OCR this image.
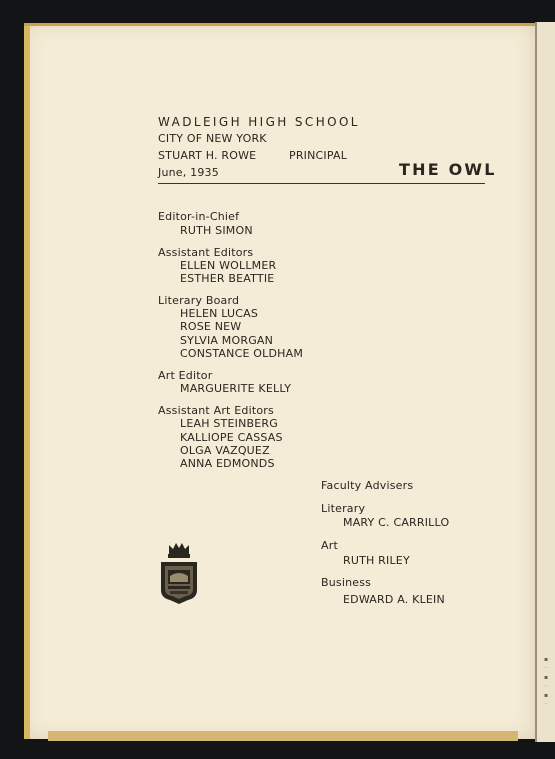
WADLEIGH HIGH SCHOOL
CITY OF NEW YORK
STUART H. ROWE	PRINCIPAL
June, 1935	THE OWL
Editor-in-Chief
RUTH SIMON
Assistant Editors
ELLEN WOLLMER
ESTHER BEATTIE
Literary Board
HELEN LUCAS
ROSE NEW
SYLVIA MORGAN
CONSTANCE OLDHAM
Art Editor
MARGUERITE KELLY
Assistant Art Editors
LEAH STEINBERG
KALLIOPE CASSAS
OLGA VAZQUEZ
ANNA EDMONDS
Faculty Advisers
Literary
MARY C. CARRILLO
Art
RUTH RILEY
Business
EDWARD A. KLEIN
▪
·
▪
·
▪
·
